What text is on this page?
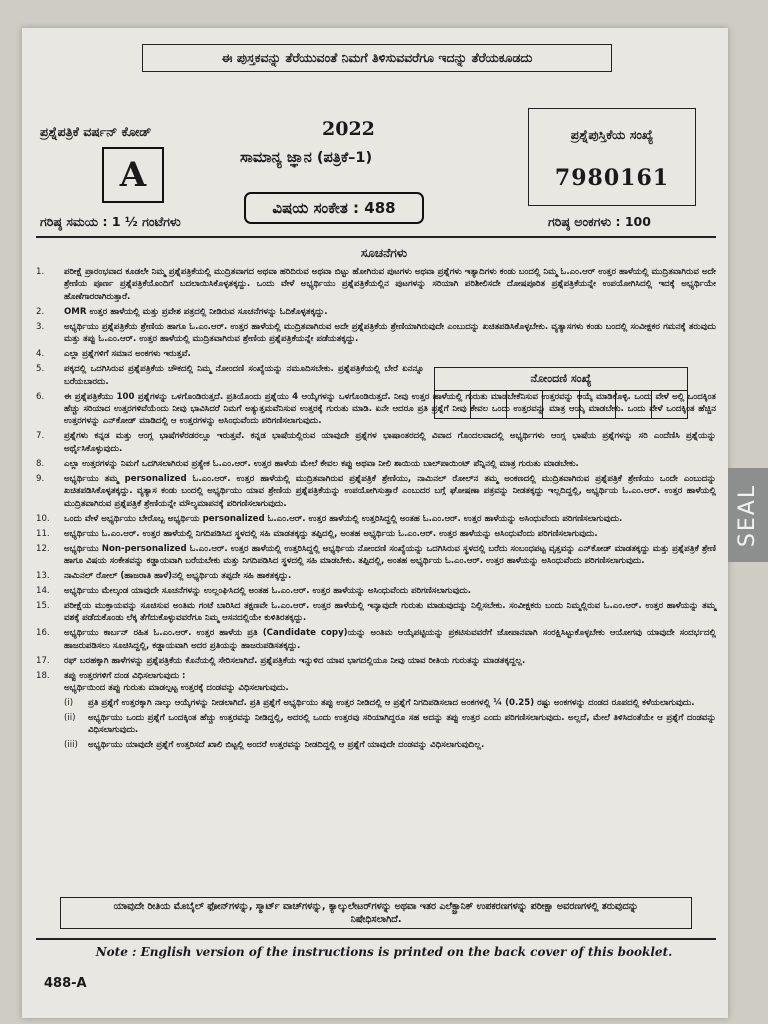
ಈ ಪುಸ್ತಕವನ್ನು ತೆರೆಯುವಂತೆ ನಿಮಗೆ ತಿಳಿಸುವವರೆಗೂ ಇದನ್ನು ತೆರೆಯಕೂಡದು
ಪ್ರಶ್ನೆಪತ್ರಿಕೆ ವರ್ಷನ್ ಕೋಡ್
A
ಗರಿಷ್ಠ ಸಮಯ : 1 ½ ಗಂಟೆಗಳು
2022
ಸಾಮಾನ್ಯ ಜ್ಞಾನ (ಪತ್ರಿಕೆ–1)
ವಿಷಯ ಸಂಕೇತ : 488
ಪ್ರಶ್ನೆಪುಸ್ತಿಕೆಯ ಸಂಖ್ಯೆ
7980161
ಗರಿಷ್ಠ ಅಂಕಗಳು : 100
ಸೂಚನೆಗಳು
ನೋಂದಣಿ ಸಂಖ್ಯೆ
1.	ಪರೀಕ್ಷೆ ಪ್ರಾರಂಭವಾದ ಕೂಡಲೇ ನಿಮ್ಮ ಪ್ರಶ್ನೆಪತ್ರಿಕೆಯಲ್ಲಿ ಮುದ್ರಿತವಾಗದ ಅಥವಾ ಹರಿದಿರುವ ಅಥವಾ ಬಿಟ್ಟು ಹೋಗಿರುವ ಪುಟಗಳು ಅಥವಾ ಪ್ರಶ್ನೆಗಳು ಇತ್ಯಾದಿಗಳು ಕಂಡು ಬಂದಲ್ಲಿ ನಿಮ್ಮ ಓ.ಎಂ.ಆರ್ ಉತ್ತರ ಹಾಳೆಯಲ್ಲಿ ಮುದ್ರಿತವಾಗಿರುವ ಅದೇ ಶ್ರೇಣಿಯ ಪೂರ್ಣ ಪ್ರಶ್ನೆಪತ್ರಿಕೆಯೊಂದಿಗೆ ಬದಲಾಯಿಸಿಕೊಳ್ಳತಕ್ಕದ್ದು. ಒಂದು ವೇಳೆ ಅಭ್ಯರ್ಥಿಯು ಪ್ರಶ್ನೆಪತ್ರಿಕೆಯಲ್ಲಿನ ಪುಟಗಳನ್ನು ಸರಿಯಾಗಿ ಪರಿಶೀಲಿಸದೇ ದೋಷಪೂರಿತ ಪ್ರಶ್ನೆಪತ್ರಿಕೆಯನ್ನೇ ಉಪಯೋಗಿಸಿದಲ್ಲಿ ಇದಕ್ಕೆ ಅಭ್ಯರ್ಥಿಯೇ ಹೊಣೆಗಾರರಾಗಿರುತ್ತಾರೆ.
2.	OMR ಉತ್ತರ ಹಾಳೆಯಲ್ಲಿ ಮತ್ತು ಪ್ರವೇಶ ಪತ್ರದಲ್ಲಿ ನೀಡಿರುವ ಸೂಚನೆಗಳನ್ನು ಓದಿಕೊಳ್ಳತಕ್ಕದ್ದು.
3.	ಅಭ್ಯರ್ಥಿಯು ಪ್ರಶ್ನೆಪತ್ರಿಕೆಯ ಶ್ರೇಣಿಯ ಹಾಗೂ ಓ.ಎಂ.ಆರ್. ಉತ್ತರ ಹಾಳೆಯಲ್ಲಿ ಮುದ್ರಿತವಾಗಿರುವ ಅದೇ ಪ್ರಶ್ನೆಪತ್ರಿಕೆಯ ಶ್ರೇಣಿಯಾಗಿರುವುದೇ ಎಂಬುದನ್ನು ಖಚಿತಪಡಿಸಿಕೊಳ್ಳಬೇಕು. ವ್ಯತ್ಯಾಸಗಳು ಕಂಡು ಬಂದಲ್ಲಿ ಸಂವೀಕ್ಷಕರ ಗಮನಕ್ಕೆ ತರುವುದು ಮತ್ತು ತಪ್ಪು ಓ.ಎಂ.ಆರ್. ಉತ್ತರ ಹಾಳೆಯಲ್ಲಿ ಮುದ್ರಿತವಾಗಿರುವ ಶ್ರೇಣಿಯ ಪ್ರಶ್ನೆಪತ್ರಿಕೆಯನ್ನೇ ಪಡೆಯತಕ್ಕದ್ದು.
4.	ಎಲ್ಲಾ ಪ್ರಶ್ನೆಗಳಿಗೆ ಸಮಾನ ಅಂಕಗಳು ಇರುತ್ತವೆ.
5.	ಪಕ್ಕದಲ್ಲಿ ಒದಗಿಸಿರುವ ಪ್ರಶ್ನೆಪತ್ರಿಕೆಯ ಚೌಕದಲ್ಲಿ ನಿಮ್ಮ ನೋಂದಣಿ ಸಂಖ್ಯೆಯನ್ನು ನಮೂದಿಸಬೇಕು. ಪ್ರಶ್ನೆಪತ್ರಿಕೆಯಲ್ಲಿ ಬೇರೆ ಏನನ್ನೂ ಬರೆಯಬಾರದು.
6.	ಈ ಪ್ರಶ್ನೆಪತ್ರಿಕೆಯು 100 ಪ್ರಶ್ನೆಗಳನ್ನು ಒಳಗೊಂಡಿರುತ್ತದೆ. ಪ್ರತಿಯೊಂದು ಪ್ರಶ್ನೆಯು 4 ಆಯ್ಕೆಗಳನ್ನು ಒಳಗೊಂಡಿರುತ್ತದೆ. ನೀವು ಉತ್ತರ ಹಾಳೆಯಲ್ಲಿ ಗುರುತು ಮಾಡಬೇಕೆನಿಸುವ ಉತ್ತರವನ್ನು ಆಯ್ಕೆ ಮಾಡಿಕೊಳ್ಳಿ. ಒಂದು ವೇಳೆ ಅಲ್ಲಿ ಒಂದಕ್ಕಿಂತ ಹೆಚ್ಚು ಸರಿಯಾದ ಉತ್ತರಗಳಿವೆಯೆಂದು ನೀವು ಭಾವಿಸಿದರೆ ನಿಮಗೆ ಅತ್ಯುತ್ತಮವೆನಿಸುವ ಉತ್ತರಕ್ಕೆ ಗುರುತು ಮಾಡಿ. ಏನೇ ಆದರೂ ಪ್ರತಿ ಪ್ರಶ್ನೆಗೆ ನೀವು ಕೇವಲ ಒಂದು ಉತ್ತರವನ್ನು ಮಾತ್ರ ಆಯ್ಕೆ ಮಾಡಬೇಕು. ಒಂದು ವೇಳೆ ಒಂದಕ್ಕಿಂತ ಹೆಚ್ಚಿನ ಉತ್ತರಗಳನ್ನು ಎನ್‌ಕೋಡ್ ಮಾಡಿದಲ್ಲಿ ಆ ಉತ್ತರಗಳನ್ನು ಅಸಿಂಧುವೆಂದು ಪರಿಗಣಿಸಲಾಗುವುದು.
7.	ಪ್ರಶ್ನೆಗಳು ಕನ್ನಡ ಮತ್ತು ಆಂಗ್ಲ ಭಾಷೆಗಳೆರಡರಲ್ಲೂ ಇರುತ್ತವೆ. ಕನ್ನಡ ಭಾಷೆಯಲ್ಲಿರುವ ಯಾವುದೇ ಪ್ರಶ್ನೆಗಳ ಭಾಷಾಂತರದಲ್ಲಿ ವಿವಾದ ಗೊಂದಲವಾದಲ್ಲಿ ಅಭ್ಯರ್ಥಿಗಳು ಆಂಗ್ಲ ಭಾಷೆಯ ಪ್ರಶ್ನೆಗಳನ್ನು ಸರಿ ಎಂದೆಣಿಸಿ ಪ್ರಶ್ನೆಯನ್ನು ಅರ್ಥೈಸಿಕೊಳ್ಳುವುದು.
8.	ಎಲ್ಲಾ ಉತ್ತರಗಳನ್ನು ನಿಮಗೆ ಒದಗಿಸಲಾಗಿರುವ ಪ್ರತ್ಯೇಕ ಓ.ಎಂ.ಆರ್. ಉತ್ತರ ಹಾಳೆಯ ಮೇಲೆ ಕೇವಲ ಕಪ್ಪು ಅಥವಾ ನೀಲಿ ಶಾಯಿಯ ಬಾಲ್‌ಪಾಯಿಂಟ್ ಪೆನ್ನಿನಲ್ಲಿ ಮಾತ್ರ ಗುರುತು ಮಾಡಬೇಕು.
9.	ಅಭ್ಯರ್ಥಿಯು ತಮ್ಮ personalized ಓ.ಎಂ.ಆರ್. ಉತ್ತರ ಹಾಳೆಯಲ್ಲಿ ಮುದ್ರಿತವಾಗಿರುವ ಪ್ರಶ್ನೆಪತ್ರಿಕೆ ಶ್ರೇಣಿಯು, ನಾಮಿನಲ್ ರೋಲ್‌ನ ತಮ್ಮ ಅಂಕಣದಲ್ಲಿ ಮುದ್ರಿತವಾಗಿರುವ ಪ್ರಶ್ನೆಪತ್ರಿಕೆ ಶ್ರೇಣಿಯು ಒಂದೇ ಎಂಬುದನ್ನು ಖಚಿತಪಡಿಸಿಕೊಳ್ಳತಕ್ಕದ್ದು. ವ್ಯತ್ಯಾಸ ಕಂಡು ಬಂದಲ್ಲಿ ಅಭ್ಯರ್ಥಿಯು ಯಾವ ಶ್ರೇಣಿಯ ಪ್ರಶ್ನೆಪತ್ರಿಕೆಯನ್ನು ಉಪಯೋಗಿಸುತ್ತಾರೆ ಎಂಬುದರ ಬಗ್ಗೆ ಘೋಷಣಾ ಪತ್ರವನ್ನು ನೀಡತಕ್ಕದ್ದು ಇಲ್ಲದಿದ್ದಲ್ಲಿ, ಅಭ್ಯರ್ಥಿಯ ಓ.ಎಂ.ಆರ್. ಉತ್ತರ ಹಾಳೆಯಲ್ಲಿ ಮುದ್ರಿತವಾಗಿರುವ ಪ್ರಶ್ನೆಪತ್ರಿಕೆ ಶ್ರೇಣಿಯನ್ನೇ ಮೌಲ್ಯಮಾಪನಕ್ಕೆ ಪರಿಗಣಿಸಲಾಗುವುದು.
10.	ಒಂದು ವೇಳೆ ಅಭ್ಯರ್ಥಿಯು ಬೇರೊಬ್ಬ ಅಭ್ಯರ್ಥಿಯ personalized ಓ.ಎಂ.ಆರ್. ಉತ್ತರ ಹಾಳೆಯಲ್ಲಿ ಉತ್ತರಿಸಿದ್ದಲ್ಲಿ ಅಂತಹ ಓ.ಎಂ.ಆರ್. ಉತ್ತರ ಹಾಳೆಯನ್ನು ಅಸಿಂಧುವೆಂದು ಪರಿಗಣಿಸಲಾಗುವುದು.
11.	ಅಭ್ಯರ್ಥಿಯು ಓ.ಎಂ.ಆರ್. ಉತ್ತರ ಹಾಳೆಯಲ್ಲಿ ನಿಗದಿಪಡಿಸಿದ ಸ್ಥಳದಲ್ಲಿ ಸಹಿ ಮಾಡತಕ್ಕದ್ದು ತಪ್ಪಿದಲ್ಲಿ, ಅಂತಹ ಅಭ್ಯರ್ಥಿಯ ಓ.ಎಂ.ಆರ್. ಉತ್ತರ ಹಾಳೆಯನ್ನು ಅಸಿಂಧುವೆಂದು ಪರಿಗಣಿಸಲಾಗುವುದು.
12.	ಅಭ್ಯರ್ಥಿಯು Non-personalized ಓ.ಎಂ.ಆರ್. ಉತ್ತರ ಹಾಳೆಯಲ್ಲಿ ಉತ್ತರಿಸಿದ್ದಲ್ಲಿ ಅಭ್ಯರ್ಥಿಯ ನೋಂದಣಿ ಸಂಖ್ಯೆಯನ್ನು ಒದಗಿಸಿರುವ ಸ್ಥಳದಲ್ಲಿ ಬರೆದು ಸಂಬಂಧಪಟ್ಟ ವೃತ್ತವನ್ನು ಎನ್‌ಕೋಡ್ ಮಾಡತಕ್ಕದ್ದು ಮತ್ತು ಪ್ರಶ್ನೆಪತ್ರಿಕೆ ಶ್ರೇಣಿ ಹಾಗೂ ವಿಷಯ ಸಂಕೇತವನ್ನು ಕಡ್ಡಾಯವಾಗಿ ಬರೆಯಬೇಕು ಮತ್ತು ನಿಗದಿಪಡಿಸಿದ ಸ್ಥಳದಲ್ಲಿ ಸಹಿ ಮಾಡಬೇಕು. ತಪ್ಪಿದಲ್ಲಿ, ಅಂತಹ ಅಭ್ಯರ್ಥಿಯ ಓ.ಎಂ.ಆರ್. ಉತ್ತರ ಹಾಳೆಯನ್ನು ಅಸಿಂಧುವೆಂದು ಪರಿಗಣಿಸಲಾಗುವುದು.
13.	ನಾಮಿನಲ್ ರೋಲ್ (ಹಾಜರಾತಿ ಹಾಳೆ)ನಲ್ಲಿ ಅಭ್ಯರ್ಥಿಯ ತಪ್ಪದೇ ಸಹಿ ಹಾಕತಕ್ಕದ್ದು.
14.	ಅಭ್ಯರ್ಥಿಯು ಮೇಲ್ಕಂಡ ಯಾವುದೇ ಸೂಚನೆಗಳನ್ನು ಉಲ್ಲಂಘಿಸಿದಲ್ಲಿ ಅಂತಹ ಓ.ಎಂ.ಆರ್. ಉತ್ತರ ಹಾಳೆಯನ್ನು ಅಸಿಂಧುವೆಂದು ಪರಿಗಣಿಸಲಾಗುವುದು.
15.	ಪರೀಕ್ಷೆಯ ಮುಕ್ತಾಯವನ್ನು ಸೂಚಿಸುವ ಅಂತಿಮ ಗಂಟೆ ಬಾರಿಸಿದ ತಕ್ಷಣವೇ ಓ.ಎಂ.ಆರ್. ಉತ್ತರ ಹಾಳೆಯಲ್ಲಿ ಇನ್ಯಾವುದೇ ಗುರುತು ಮಾಡುವುದನ್ನು ನಿಲ್ಲಿಸಬೇಕು. ಸಂವೀಕ್ಷಕರು ಬಂದು ನಿಮ್ಮಲ್ಲಿರುವ ಓ.ಎಂ.ಆರ್. ಉತ್ತರ ಹಾಳೆಯನ್ನು ತಮ್ಮ ವಶಕ್ಕೆ ಪಡೆದುಕೊಂಡು ಲೆಕ್ಕ ತೆಗೆದುಕೊಳ್ಳುವವರೆಗೂ ನಿಮ್ಮ ಆಸನದಲ್ಲಿಯೇ ಕುಳಿತಿರತಕ್ಕದ್ದು.
16.	ಅಭ್ಯರ್ಥಿಯು ಕಾರ್ಬನ್ ರಹಿತ ಓ.ಎಂ.ಆರ್. ಉತ್ತರ ಹಾಳೆಯ ಪ್ರತಿ (Candidate copy)ಯನ್ನು ಅಂತಿಮ ಆಯ್ಕೆಪಟ್ಟಿಯನ್ನು ಪ್ರಕಟಿಸುವವರೆಗೆ ಜೋಪಾನವಾಗಿ ಸಂರಕ್ಷಿಸಿಟ್ಟುಕೊಳ್ಳಬೇಕು ಆಯೋಗವು ಯಾವುದೇ ಸಂದರ್ಭದಲ್ಲಿ ಹಾಜರುಪಡಿಸಲು ಸೂಚಿಸಿದ್ದಲ್ಲಿ, ಕಡ್ಡಾಯವಾಗಿ ಅದರ ಪ್ರತಿಯನ್ನು ಹಾಜರುಪಡಿಸತಕ್ಕದ್ದು.
17.	ರಫ್ ಬರಹಕ್ಕಾಗಿ ಹಾಳೆಗಳನ್ನು ಪ್ರಶ್ನೆಪತ್ರಿಕೆಯ ಕೊನೆಯಲ್ಲಿ ಸೇರಿಸಲಾಗಿದೆ. ಪ್ರಶ್ನೆಪತ್ರಿಕೆಯ ಇನ್ನುಳಿದ ಯಾವ ಭಾಗದಲ್ಲಿಯೂ ನೀವು ಯಾವ ರೀತಿಯ ಗುರುತನ್ನು ಮಾಡತಕ್ಕದ್ದಲ್ಲ.
18.	ತಪ್ಪು ಉತ್ತರಗಳಿಗೆ ದಂಡ ವಿಧಿಸಲಾಗುವುದು :
ಅಭ್ಯರ್ಥಿಯಿಂದ ತಪ್ಪು ಗುರುತು ಮಾಡಲ್ಪಟ್ಟ ಉತ್ತರಕ್ಕೆ ದಂಡವನ್ನು ವಿಧಿಸಲಾಗುವುದು.
(i)	ಪ್ರತಿ ಪ್ರಶ್ನೆಗೆ ಉತ್ತರಕ್ಕಾಗಿ ನಾಲ್ಕು ಆಯ್ಕೆಗಳನ್ನು ನೀಡಲಾಗಿದೆ. ಪ್ರತಿ ಪ್ರಶ್ನೆಗೆ ಅಭ್ಯರ್ಥಿಯು ತಪ್ಪು ಉತ್ತರ ನೀಡಿದಲ್ಲಿ ಆ ಪ್ರಶ್ನೆಗೆ ನಿಗದಿಪಡಿಸಲಾದ ಅಂಕಗಳಲ್ಲಿ ¼ (0.25) ರಷ್ಟು ಅಂಕಗಳನ್ನು ದಂಡದ ರೂಪದಲ್ಲಿ ಕಳೆಯಲಾಗುವುದು.
(ii)	ಅಭ್ಯರ್ಥಿಯು ಒಂದು ಪ್ರಶ್ನೆಗೆ ಒಂದಕ್ಕಿಂತ ಹೆಚ್ಚು ಉತ್ತರವನ್ನು ನೀಡಿದ್ದಲ್ಲಿ, ಅದರಲ್ಲಿ ಒಂದು ಉತ್ತರವು ಸರಿಯಾಗಿದ್ದರೂ ಸಹ ಅದನ್ನು ತಪ್ಪು ಉತ್ತರ ಎಂದು ಪರಿಗಣಿಸಲಾಗುವುದು. ಅಲ್ಲದೆ, ಮೇಲೆ ತಿಳಿಸಿದಂತೆಯೇ ಆ ಪ್ರಶ್ನೆಗೆ ದಂಡವನ್ನು ವಿಧಿಸಲಾಗುವುದು.
(iii)	ಅಭ್ಯರ್ಥಿಯು ಯಾವುದೇ ಪ್ರಶ್ನೆಗೆ ಉತ್ತರಿಸದೆ ಖಾಲಿ ಬಿಟ್ಟಲ್ಲಿ ಅಂದರೆ ಉತ್ತರವನ್ನು ನೀಡದಿದ್ದಲ್ಲಿ ಆ ಪ್ರಶ್ನೆಗೆ ಯಾವುದೇ ದಂಡವನ್ನು ವಿಧಿಸಲಾಗುವುದಿಲ್ಲ.
ಯಾವುದೇ ರೀತಿಯ ಮೊಬೈಲ್ ಫೋನ್‌ಗಳನ್ನು, ಸ್ಮಾರ್ಟ್ ವಾಚ್‌ಗಳನ್ನು, ಕ್ಯಾಲ್ಕುಲೇಟರ್‌ಗಳನ್ನು ಅಥವಾ ಇತರ ಎಲೆಕ್ಟ್ರಾನಿಕ್ ಉಪಕರಣಗಳನ್ನು ಪರೀಕ್ಷಾ ಅವರಣಗಳಲ್ಲಿ ತರುವುದನ್ನು ನಿಷೇಧಿಸಲಾಗಿದೆ.
Note : English version of the instructions is printed on the back cover of this booklet.
488-A
SEAL
